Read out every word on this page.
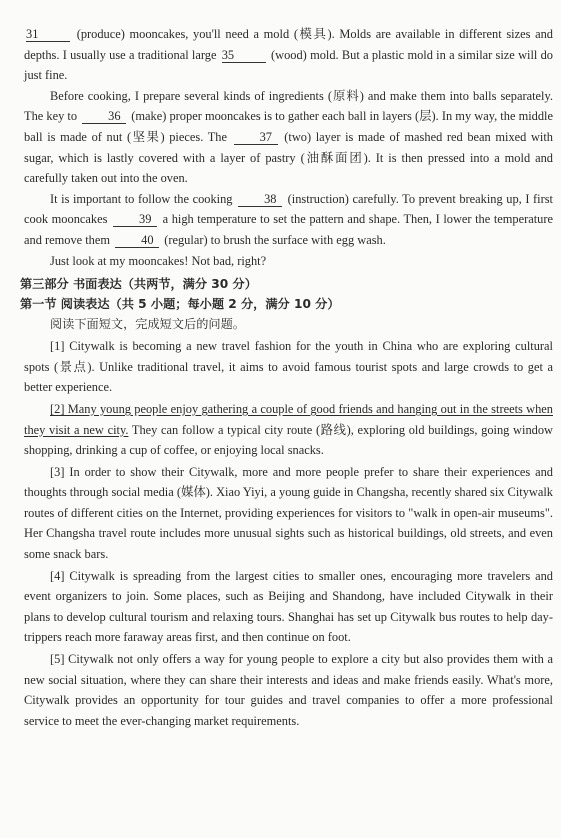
31	(produce) mooncakes, you'll need a mold (模具). Molds are available in different sizes and depths. I usually use a traditional large 35	(wood) mold. But a plastic mold in a similar size will do just fine.

Before cooking, I prepare several kinds of ingredients (原料) and make them into balls separately. The key to	36 (make) proper mooncakes is to gather each ball in layers (层). In my way, the middle ball is made of nut (坚果) pieces. The	37 (two) layer is made of mashed red bean mixed with sugar, which is lastly covered with a layer of pastry (油酥面团). It is then pressed into a mold and carefully taken out into the oven.

It is important to follow the cooking	38 (instruction) carefully. To prevent breaking up, I first cook mooncakes	39 a high temperature to set the pattern and shape. Then, I lower the temperature and remove them	40 (regular) to brush the surface with egg wash.

Just look at my mooncakes! Not bad, right?

第三部分 书面表达（共两节，满分 30 分）

第一节 阅读表达（共 5 小题；每小题 2 分，满分 10 分）

阅读下面短文，完成短文后的问题。

[1] Citywalk is becoming a new travel fashion for the youth in China who are exploring cultural spots (景点). Unlike traditional travel, it aims to avoid famous tourist spots and large crowds to get a better experience.

[2] Many young people enjoy gathering a couple of good friends and hanging out in the streets when they visit a new city. They can follow a typical city route (路线), exploring old buildings, going window shopping, drinking a cup of coffee, or enjoying local snacks.

[3] In order to show their Citywalk, more and more people prefer to share their experiences and thoughts through social media (媒体). Xiao Yiyi, a young guide in Changsha, recently shared six Citywalk routes of different cities on the Internet, providing experiences for visitors to "walk in open-air museums". Her Changsha travel route includes more unusual sights such as historical buildings, old streets, and even some snack bars.

[4] Citywalk is spreading from the largest cities to smaller ones, encouraging more travelers and event organizers to join. Some places, such as Beijing and Shandong, have included Citywalk in their plans to develop cultural tourism and relaxing tours. Shanghai has set up Citywalk bus routes to help day-trippers reach more faraway areas first, and then continue on foot.

[5] Citywalk not only offers a way for young people to explore a city but also provides them with a new social situation, where they can share their interests and ideas and make friends easily. What's more, Citywalk provides an opportunity for tour guides and travel companies to offer a more professional service to meet the ever-changing market requirements.
